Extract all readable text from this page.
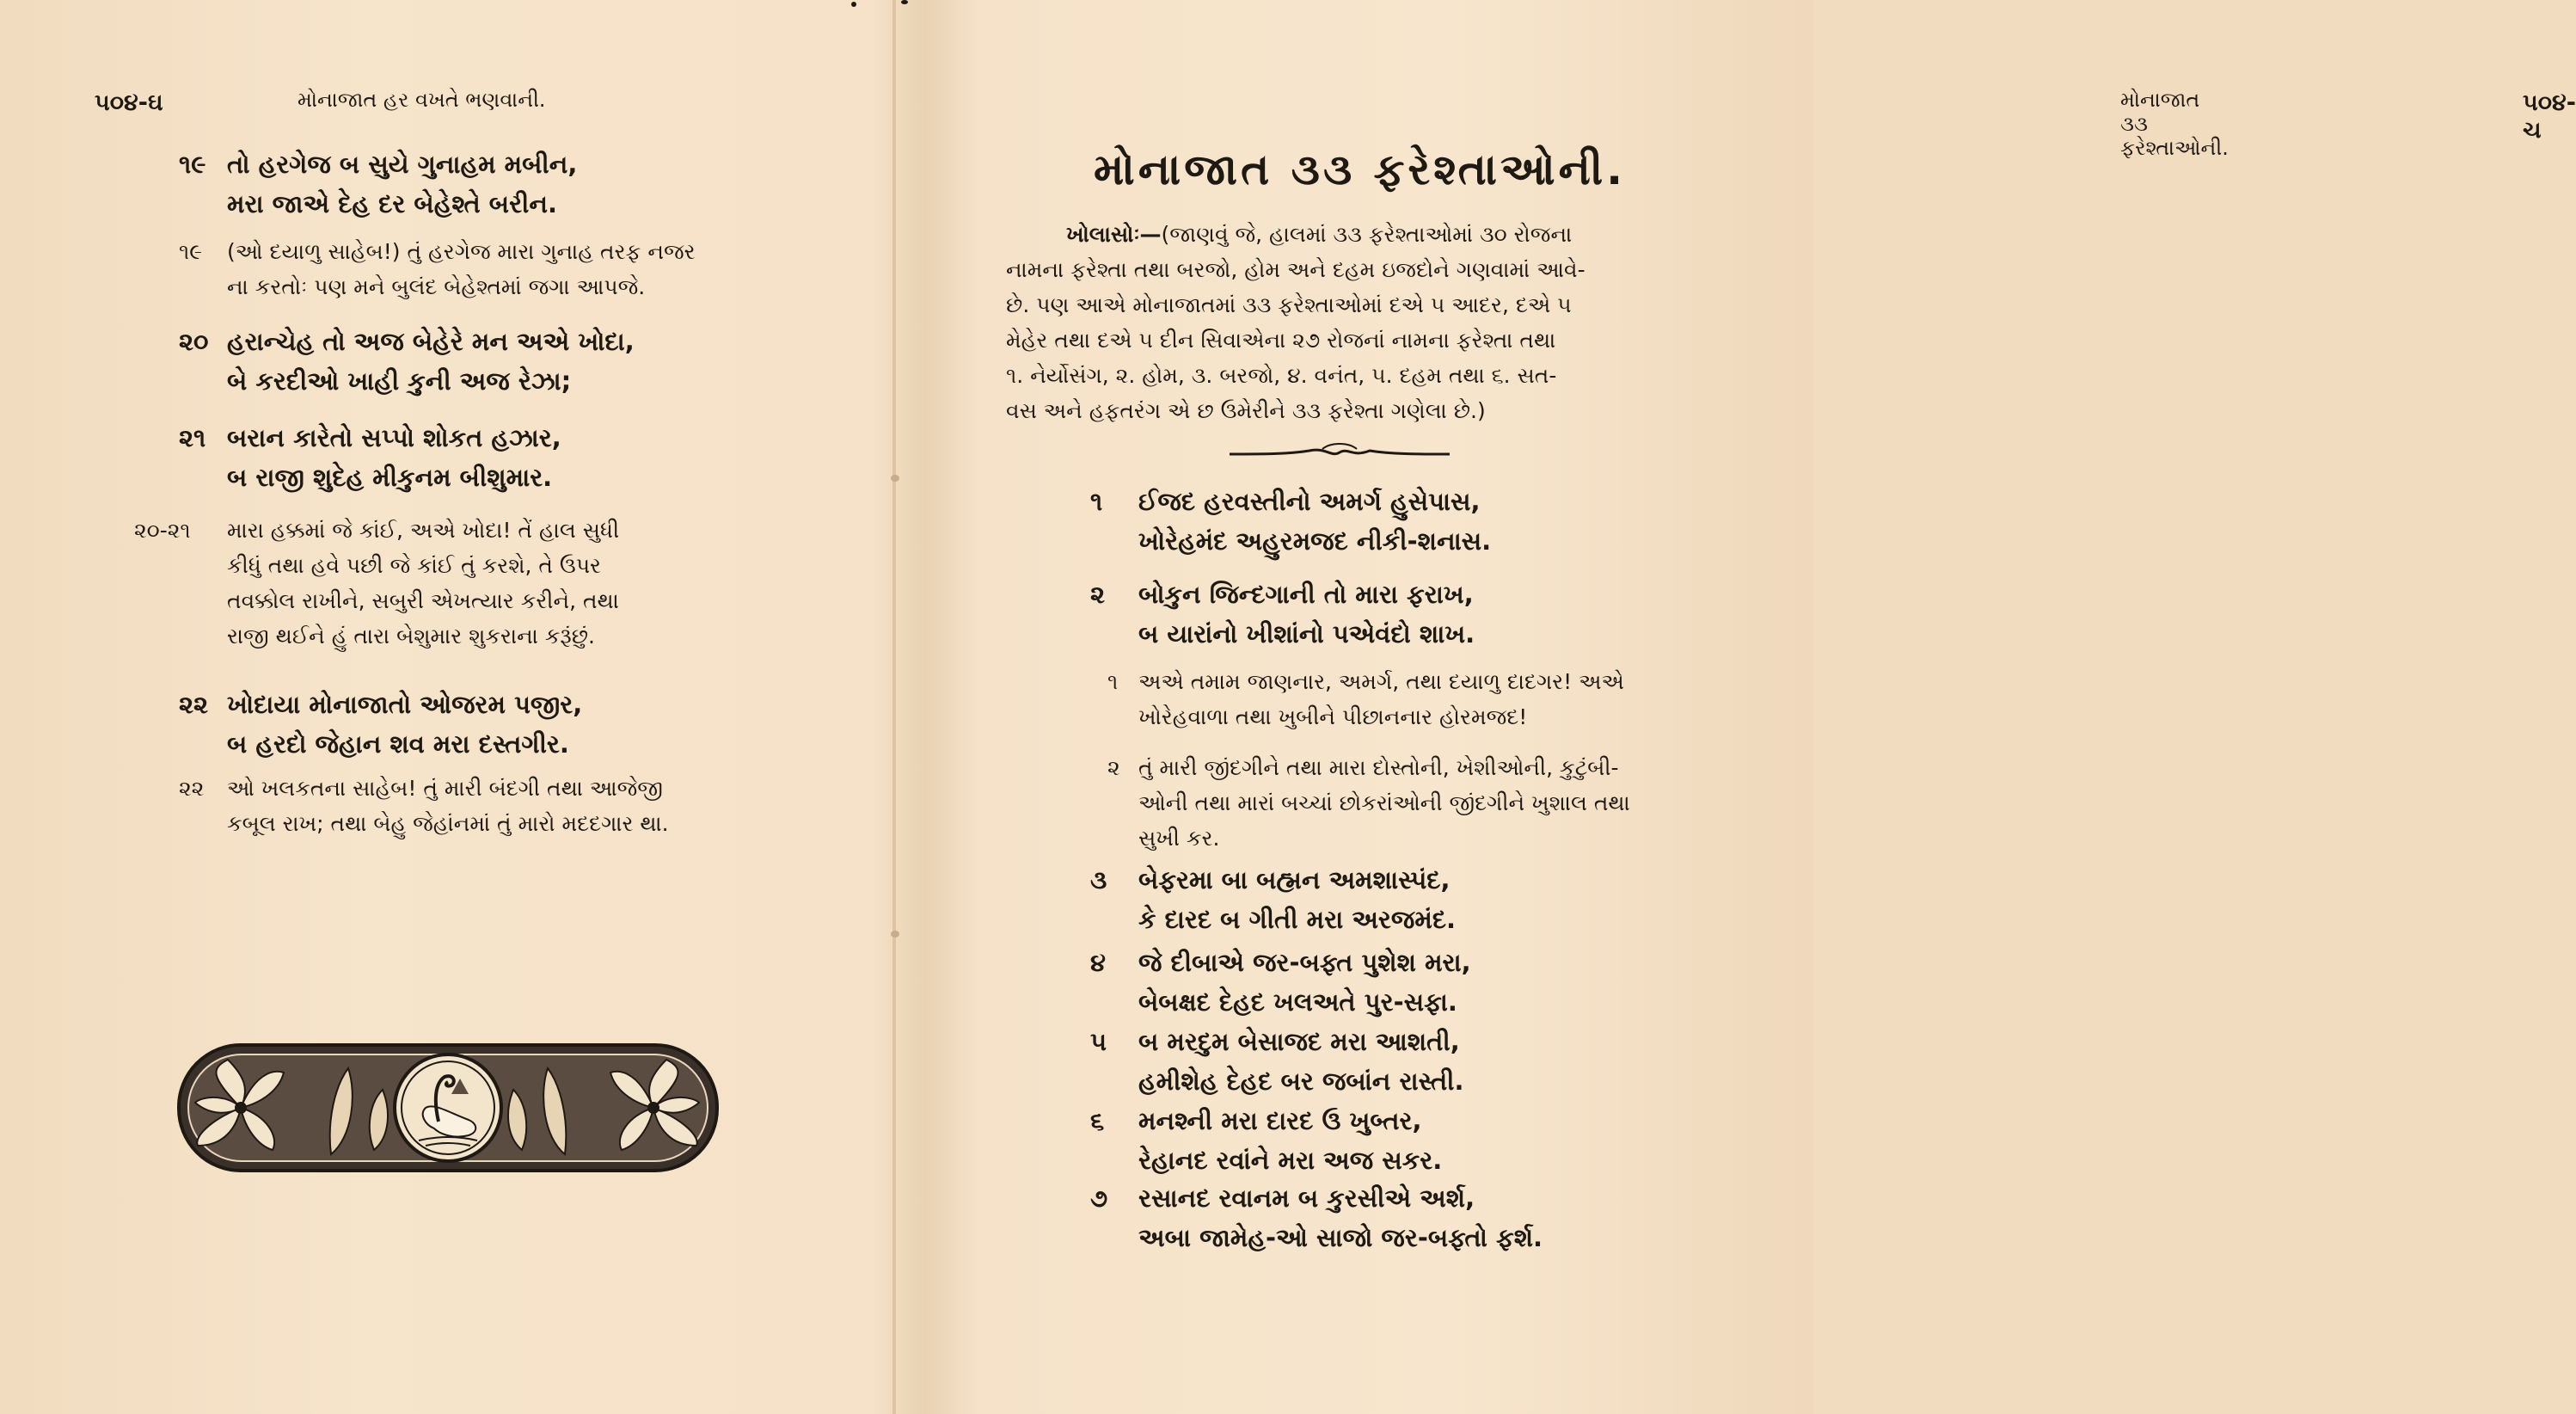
૫૦૪-ઘ	મોનાજાત હર વખતે ભણવાની.
૧૯ તો હરગેજ બ સુયે ગુનાહમ મબીન,
મરા જાએ દેહ દર બેહેશ્તે બરીન.
૧૯ (ઓ દયાળુ સાહેબ!) તું હરગેજ મારા ગુનાહ તરફ નજર
ના કરતોઃ પણ મને બુલંદ બેહેશ્તમાં જગા આપજે.
૨૦ હરાન્ચેહ તો અજ બેહેરે મન અએ ખોદા,
બે કરદીઓ ખાહી કુની અજ રેઝા;
૨૧ બરાન કારેતો સપ્પો શોકત હઝાર,
બ રાજી શુદેહ મીકુનમ બીશુમાર.
૨૦-૨૧ મારા હક્કમાં જે કાંઈ, અએ ખોદા! તેં હાલ સુધી
કીધું તથા હવે પછી જે કાંઈ તું કરશે, તે ઉપર
તવક્કોલ રાખીને, સબુરી એખત્યાર કરીને, તથા
રાજી થઈને હું તારા બેશુમાર શુકરાના કરૂંછું.
૨૨ ખોદાયા મોનાજાતો ઓજરમ પજીર,
બ હરદો જેહાન શવ મરા દસ્તગીર.
૨૨ ઓ ખલકતના સાહેબ! તું મારી બંદગી તથા આજેજી
કબૂલ રાખ; તથા બેહુ જેહાંનમાં તું મારો મદદગાર થા.
મોનાજાત ૩૩ ફરેશ્તાઓની.
૫૦૪-ચ
મોનાજાત ૩૩ ફરેશ્તાઓની.
ખોલાસોઃ—(જાણવું જે, હાલમાં ૩૩ ફરેશ્તાઓમાં ૩૦ રોજના
નામના ફરેશ્તા તથા બરજો, હોમ અને દહમ ઇજદોને ગણવામાં આવે-
છે. પણ આએ મોનાજાતમાં ૩૩ ફરેશ્તાઓમાં દએ ૫ આદર, દએ ૫
મેહેર તથા દએ ૫ દીન સિવાએના ૨૭ રોજનાં નામના ફરેશ્તા તથા
૧. નેર્યોસંગ, ૨. હોમ, ૩. બરજો, ૪. વનંત, ૫. દહમ તથા ૬. સત-
વસ અને હફતરંગ એ છ ઉમેરીને ૩૩ ફરેશ્તા ગણેલા છે.)
૧ ઈજદ હરવસ્તીનો અમર્ગ હુસેપાસ,
ખોરેહમંદ અહુરમજદ નીકી-શનાસ.
૨ બોકુન જિન્દગાની તો મારા ફરાખ,
બ યારાંનો ખીશાંનો પએવંદો શાખ.
૧ અએ તમામ જાણનાર, અમર્ગ, તથા દયાળુ દાદગર! અએ
ખોરેહવાળા તથા ખુબીને પીછાનનાર હોરમજદ!
૨ તું મારી જીંદગીને તથા મારા દોસ્તોની, ખેશીઓની, કુટુંબી-
ઓની તથા મારાં બચ્ચાં છોકરાંઓની જીંદગીને ખુશાલ તથા
સુખી કર.
૩ બેફરમા બા બહ્મન અમશાસ્પંદ,
કે દારદ બ ગીતી મરા અરજમંદ.
૪ જે દીબાએ જર-બફ્ત પુશેશ મરા,
બેબક્ષદ દેહદ ખલઅતે પુર-સફા.
૫ બ મરદુમ બેસાજદ મરા આશતી,
હમીશેહ દેહદ બર જબાંન રાસ્તી.
૬ મનશ્ની મરા દારદ ઉ ખુબ્તર,
રેહાનદ રવાંને મરા અજ સકર.
૭ રસાનદ રવાનમ બ કુરસીએ અર્શ,
અબા જામેહ-ઓ સાજો જર-બફ્તો ફર્શ.
